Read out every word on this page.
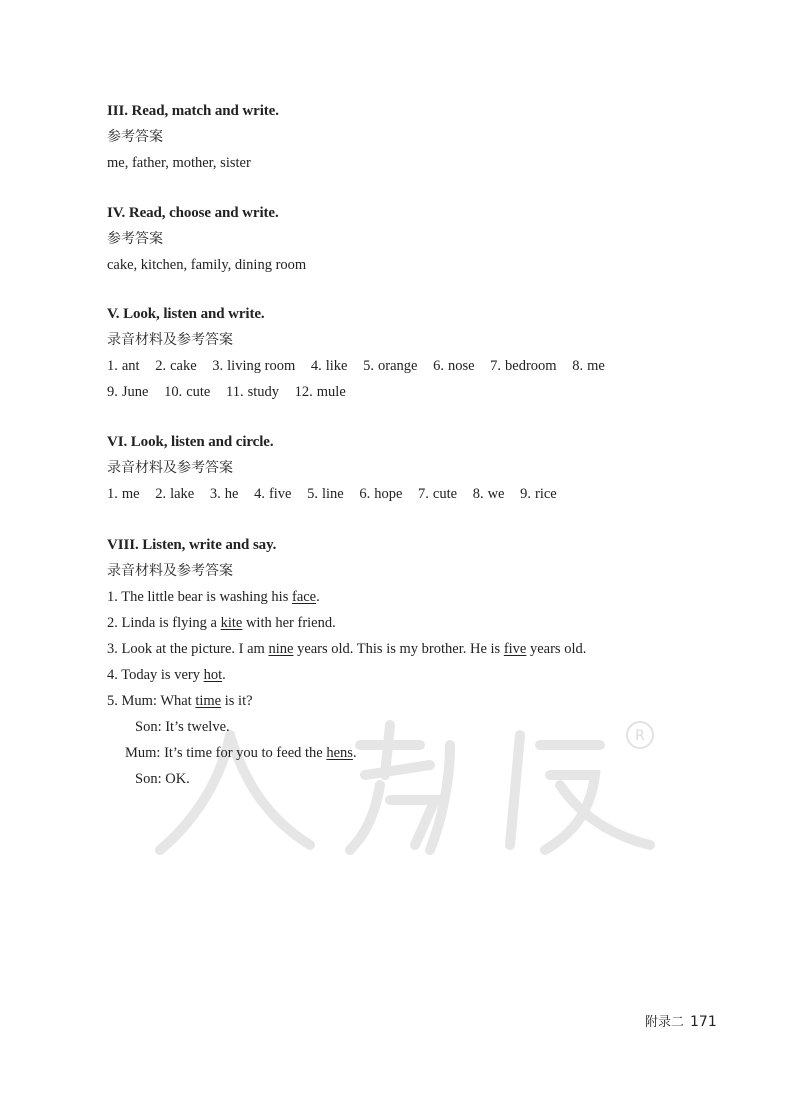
R
III. Read, match and write.
参考答案
me, father, mother, sister
IV. Read, choose and write.
参考答案
cake, kitchen, family, dining room
V. Look, listen and write.
录音材料及参考答案
1. ant 2. cake 3. living room 4. like 5. orange 6. nose 7. bedroom 8. me
9. June 10. cute 11. study 12. mule
VI. Look, listen and circle.
录音材料及参考答案
1. me 2. lake 3. he 4. five 5. line 6. hope 7. cute 8. we 9. rice
VIII. Listen, write and say.
录音材料及参考答案
1. The little bear is washing his face.
2. Linda is flying a kite with her friend.
3. Look at the picture. I am nine years old. This is my brother. He is five years old.
4. Today is very hot.
5. Mum: What time is it?
Son: It’s twelve.
Mum: It’s time for you to feed the hens.
Son: OK.
附录二 171
